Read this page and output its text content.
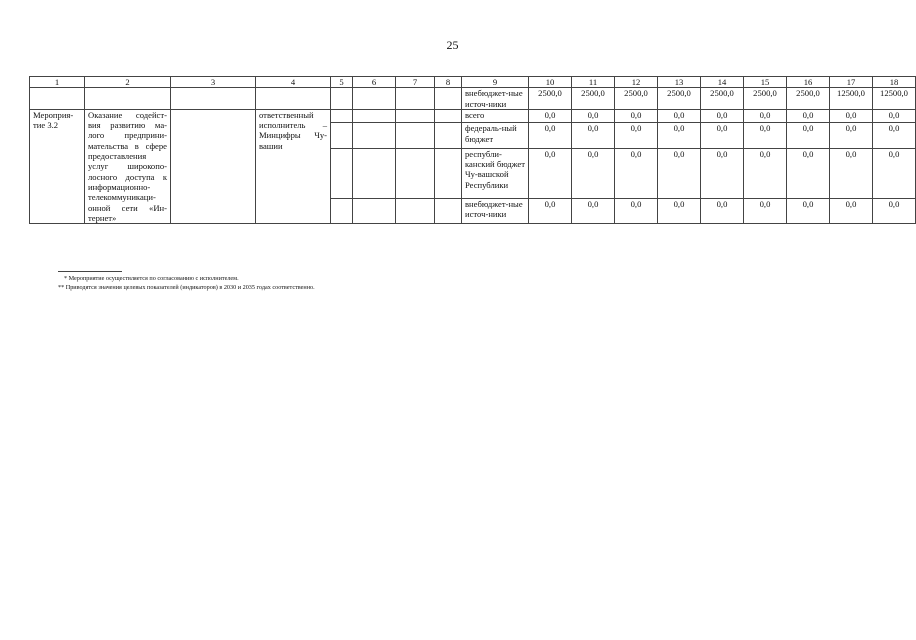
25
1	2	3	4	5	6	7	8	9	10	11	12	13	14	15	16	17	18
								внебюджет-ные источ-ники	2500,0	2500,0	2500,0	2500,0	2500,0	2500,0	2500,0	12500,0	12500,0
Мероприя-тие 3.2	Оказание содейст-вия развитию ма-лого предприни-мательства в сфере предоставления услуг широкопо-лосного доступа к информационно-телекоммуникаци-онной сети «Ин-тернет»		ответственный исполнитель – Минцифры Чу-вашии					всего	0,0	0,0	0,0	0,0	0,0	0,0	0,0	0,0	0,0
								федераль-ный бюджет	0,0	0,0	0,0	0,0	0,0	0,0	0,0	0,0	0,0
								республи-канский бюджет Чу-вашской Республики	0,0	0,0	0,0	0,0	0,0	0,0	0,0	0,0	0,0
								внебюджет-ные источ-ники	0,0	0,0	0,0	0,0	0,0	0,0	0,0	0,0	0,0
* Мероприятие осуществляется по согласованию с исполнителем.
** Приводятся значения целевых показателей (индикаторов) в 2030 и 2035 годах соответственно.
